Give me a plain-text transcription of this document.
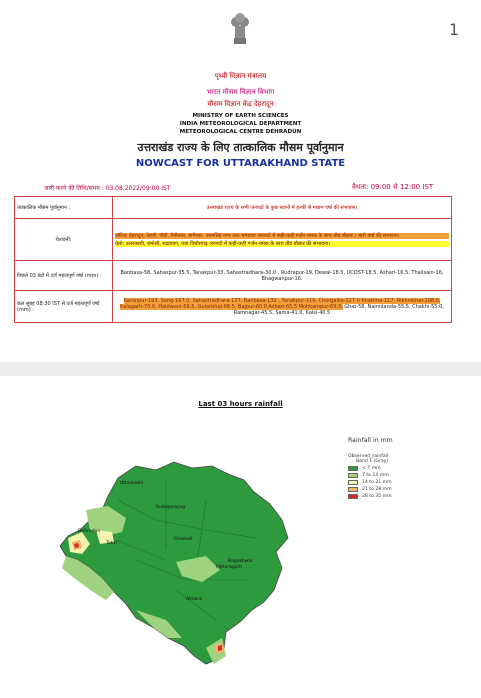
1
पृथ्वी विज्ञान मंत्रालय
भारत मौसम विज्ञान विभाग
मौसम विज्ञान केंद्र देहरादून
MINISTRY OF EARTH SCIENCES
INDIA METEOROLOGICAL DEPARTMENT
METEOROLOGICAL CENTRE DEHRADUN
उत्तराखंड राज्य के लिए तात्कालिक मौसम पूर्वानुमान
NOWCAST FOR UTTARAKHAND STATE
जारी करने की तिथि/समय : 03.08.2022/09:00 IST	वैधता: 09:00 से 12:00 IST
तात्कालिक मौसम पूर्वानुमान :	उत्तराखंड राज्य के सभी जनपदों के कुछ स्थानों में हल्की से मध्यम वर्षा की संभावना।
चेतावनी:	ऑरेंज: देहरादून, टिहरी, पौड़ी, नैनीताल, बागेश्वर, उधमसिंह नगर तथा चम्पावत जनपदों में कहीं-कहीं गर्जन-चमक के साथ तीव्र बौछार / भारी वर्षा की संभावना।
येलो: उत्तरकाशी, चमोली, रुद्रप्रयाग, तथा पिथौरागढ़ जनपदों में कहीं-कहीं गर्जन-चमक के साथ तीव्र बौछार की संभावना।

पिछले 03 घंटो में दर्ज महत्वपूर्ण वर्षा (mm) :	Banbasa-58, Sahaspur-35.5, Tanakpur-33, Sahastradhara-30.0 , Rudrapur-19, Dewal-18.5, UCOST-18.5, Ashari-16.5, Thalisain-16, Bhagwanpur-16.
कल सुबह 08:30 IST से दर्ज महत्वपूर्ण वर्षा (mm) :	Karanpur-193, Song-167.0, Sahastradhara-137, Banbasa-132 , Tanakpur-119, Chorgallia-127.0 Khatima-117, Rikhnikhal-108.0, Kalagarh-70.0, Haldwani-69.5, Gularbhoj-68.5, Bajpur-60.0,Ashari-65.5 Mohkampur-69.3, Ghat-58, Nainidanda-55.5, Chakhi-55.0, Ramnagar-45.5, Sama-41.0, Kalsi-40.5
Last 03 hours rainfall
Rainfall in mm
Observed_rainfall
Band 1 (Gray)
< 7 mm
7 to 14 mm
14 to 21 mm
21 to 28 mm
28 to 35 mm
Uttarkashi
Chamoli
Rudraprayag
Tehri
Dehradun
Almora
Pithoragarh
Bageshwar
